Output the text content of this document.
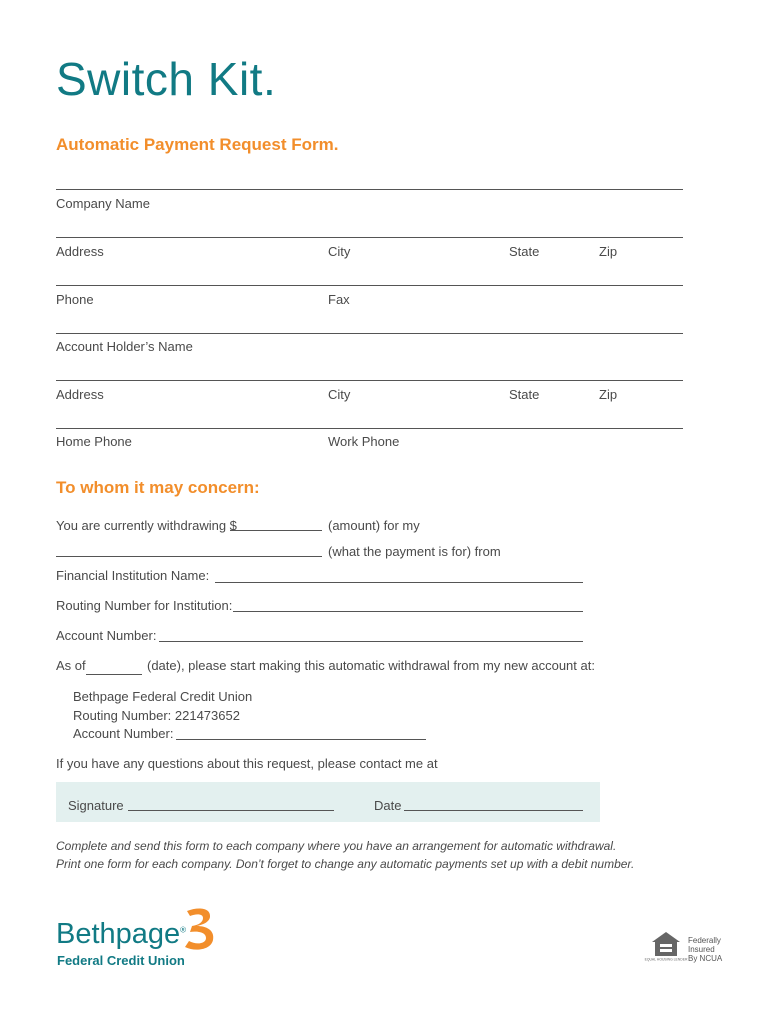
Switch Kit.
Automatic Payment Request Form.
Company Name
Address	City	State	Zip
Phone	Fax
Account Holder’s Name
Address	City	State	Zip
Home Phone	Work Phone
To whom it may concern:
You are currently withdrawing $	(amount) for my
(what the payment is for) from
Financial Institution Name:
Routing Number for Institution:
Account Number:
As of	(date), please start making this automatic withdrawal from my new account at:
Bethpage Federal Credit Union
Routing Number: 221473652
Account Number:
If you have any questions about this request, please contact me at
Signature	Date
Complete and send this form to each company where you have an arrangement for automatic withdrawal.
Print one form for each company. Don’t forget to change any automatic payments set up with a debit number.
Bethpage®
Federal Credit Union	EQUAL HOUSING LENDER
Federally
Insured
By NCUA
